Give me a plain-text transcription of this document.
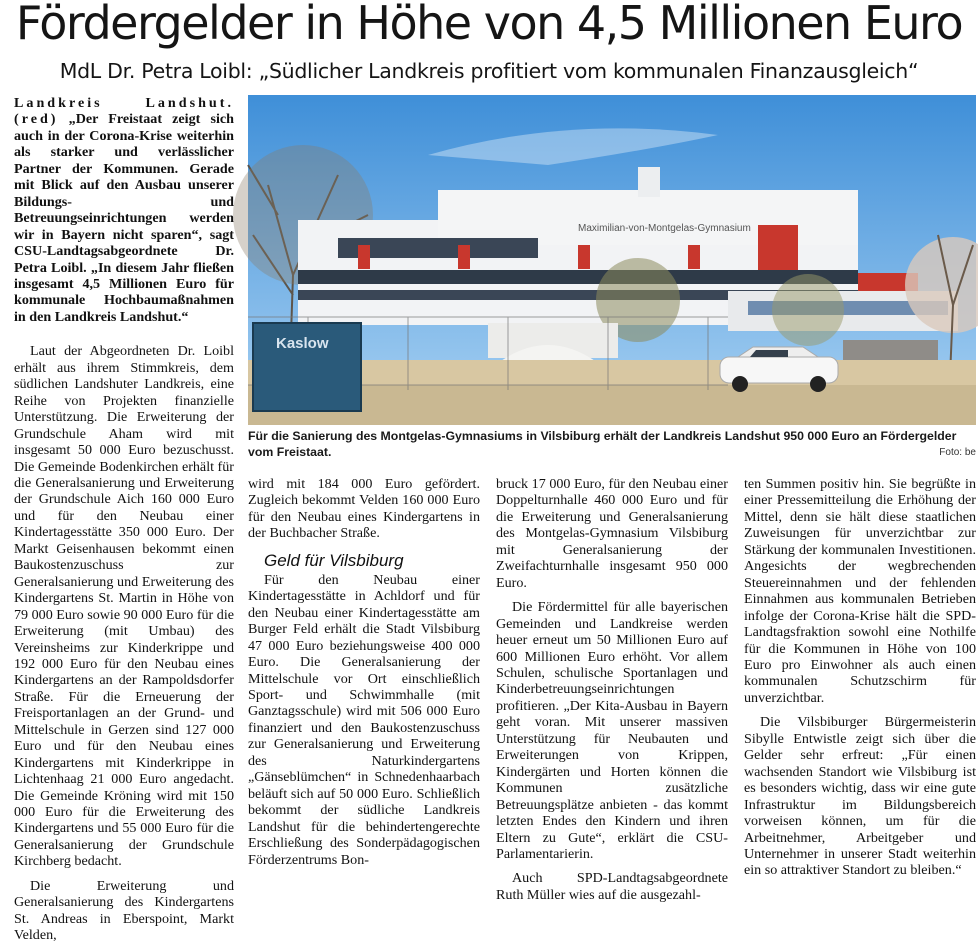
Fördergelder in Höhe von 4,5 Millionen Euro
MdL Dr. Petra Loibl: „Südlicher Landkreis profitiert vom kommunalen Finanzausgleich“

Landkreis Landshut. (red) „Der Freistaat zeigt sich auch in der Corona-Krise weiterhin als starker und verlässlicher Partner der Kommunen. Gerade mit Blick auf den Ausbau unserer Bildungs- und Betreuungseinrichtungen werden wir in Bayern nicht sparen“, sagt CSU-Landtagsabgeordnete Dr. Petra Loibl. „In diesem Jahr fließen insgesamt 4,5 Millionen Euro für kommunale Hochbaumaßnahmen in den Landkreis Landshut.“

Laut der Abgeordneten Dr. Loibl erhält aus ihrem Stimmkreis, dem südlichen Landshuter Landkreis, eine Reihe von Projekten finanzielle Unterstützung. Die Erweiterung der Grundschule Aham wird mit insgesamt 50 000 Euro bezuschusst. Die Gemeinde Bodenkirchen erhält für die Generalsanierung und Erweiterung der Grundschule Aich 160 000 Euro und für den Neubau einer Kindertagesstätte 350 000 Euro. Der Markt Geisenhausen bekommt einen Baukostenzuschuss zur Generalsanierung und Erweiterung des Kindergartens St. Martin in Höhe von 79 000 Euro sowie 90 000 Euro für die Erweiterung (mit Umbau) des Vereinsheims zur Kinderkrippe und 192 000 Euro für den Neubau eines Kindergartens an der Rampoldsdorfer Straße. Für die Erneuerung der Freisportanlagen an der Grund- und Mittelschule in Gerzen sind 127 000 Euro und für den Neubau eines Kindergartens mit Kinderkrippe in Lichtenhaag 21 000 Euro angedacht. Die Gemeinde Kröning wird mit 150 000 Euro für die Erweiterung des Kindergartens und 55 000 Euro für die Generalsanierung der Grundschule Kirchberg bedacht.

Die Erweiterung und Generalsanierung des Kindergartens St. Andreas in Eberspoint, Markt Velden,

Maximilian-von-Montgelas-Gymnasium
Kaslow
Für die Sanierung des Montgelas-Gymnasiums in Vilsbiburg erhält der Landkreis Landshut 950 000 Euro an Fördergelder vom Freistaat.	Foto: be

wird mit 184 000 Euro gefördert. Zugleich bekommt Velden 160 000 Euro für den Neubau eines Kindergartens in der Buchbacher Straße.

Geld für Vilsbiburg

Für den Neubau einer Kindertagesstätte in Achldorf und für den Neubau einer Kindertagesstätte am Burger Feld erhält die Stadt Vilsbiburg 47 000 Euro beziehungsweise 400 000 Euro. Die Generalsanierung der Mittelschule vor Ort einschließlich Sport- und Schwimmhalle (mit Ganztagsschule) wird mit 506 000 Euro finanziert und den Baukostenzuschuss zur Generalsanierung und Erweiterung des Naturkindergartens „Gänseblümchen“ in Schnedenhaarbach beläuft sich auf 50 000 Euro. Schließlich bekommt der südliche Landkreis Landshut für die behindertengerechte Erschließung des Sonderpädagogischen Förderzentrums Bon-

bruck 17 000 Euro, für den Neubau einer Doppelturnhalle 460 000 Euro und für die Erweiterung und Generalsanierung des Montgelas-Gymnasium Vilsbiburg mit Generalsanierung der Zweifachturnhalle insgesamt 950 000 Euro.

Die Fördermittel für alle bayerischen Gemeinden und Landkreise werden heuer erneut um 50 Millionen Euro auf 600 Millionen Euro erhöht. Vor allem Schulen, schulische Sportanlagen und Kinderbetreuungseinrichtungen profitieren. „Der Kita-Ausbau in Bayern geht voran. Mit unserer massiven Unterstützung für Neubauten und Erweiterungen von Krippen, Kindergärten und Horten können die Kommunen zusätzliche Betreuungsplätze anbieten - das kommt letzten Endes den Kindern und ihren Eltern zu Gute“, erklärt die CSU-Parlamentarierin.

Auch SPD-Landtagsabgeordnete Ruth Müller wies auf die ausgezahl-

ten Summen positiv hin. Sie begrüßte in einer Pressemitteilung die Erhöhung der Mittel, denn sie hält diese staatlichen Zuweisungen für unverzichtbar zur Stärkung der kommunalen Investitionen. Angesichts der wegbrechenden Steuereinnahmen und der fehlenden Einnahmen aus kommunalen Betrieben infolge der Corona-Krise hält die SPD-Landtagsfraktion sowohl eine Nothilfe für die Kommunen in Höhe von 100 Euro pro Einwohner als auch einen kommunalen Schutzschirm für unverzichtbar.

Die Vilsbiburger Bürgermeisterin Sibylle Entwistle zeigt sich über die Gelder sehr erfreut: „Für einen wachsenden Standort wie Vilsbiburg ist es besonders wichtig, dass wir eine gute Infrastruktur im Bildungsbereich vorweisen können, um für die Arbeitnehmer, Arbeitgeber und Unternehmer in unserer Stadt weiterhin ein so attraktiver Standort zu bleiben.“
